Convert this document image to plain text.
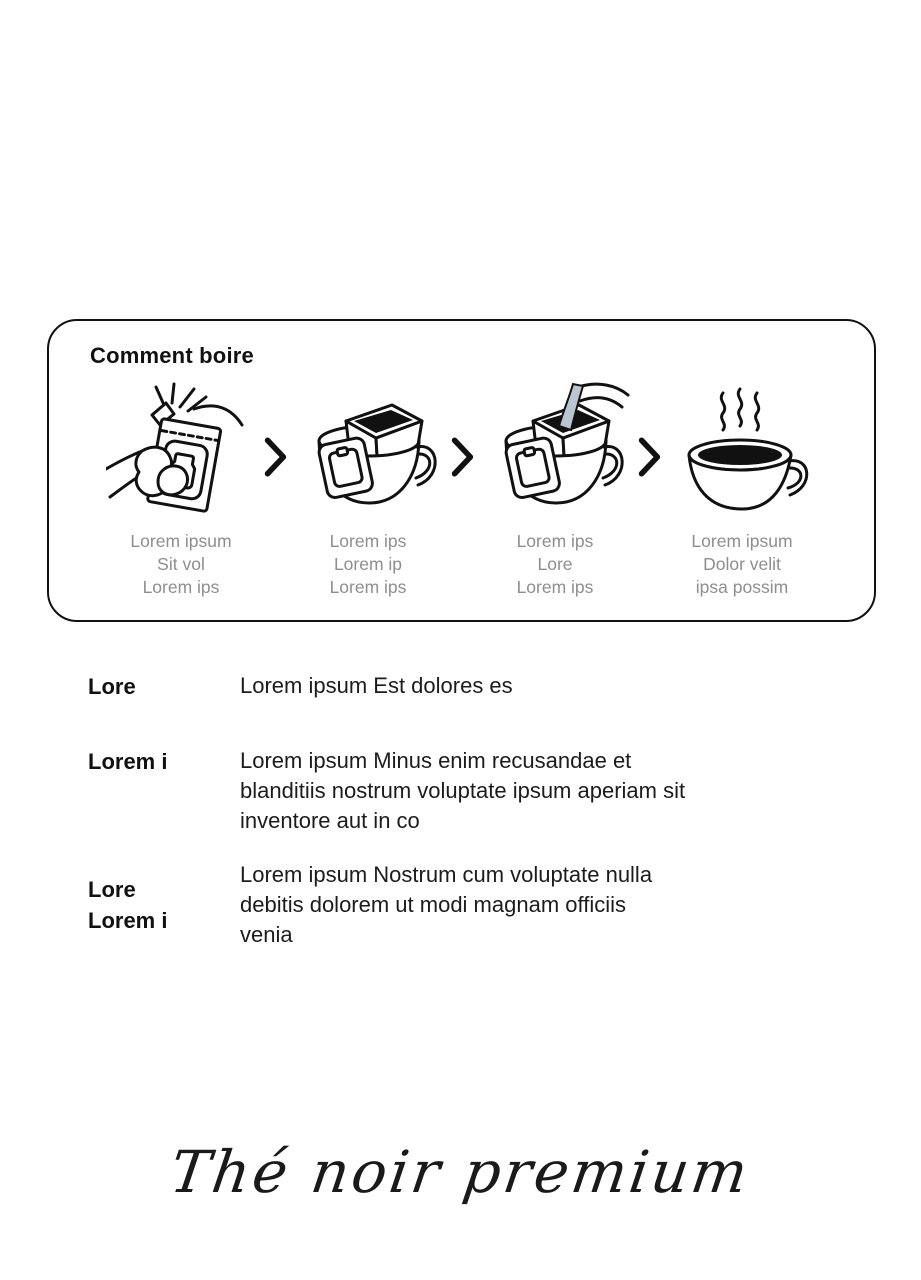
Comment boire
Lorem ipsum
Sit vol
Lorem ips
Lorem ips
Lorem ip
Lorem ips
Lorem ips
Lore
Lorem ips
Lorem ipsum
Dolor velit
ipsa possim
Lore	Lorem ipsum Est dolores es
Lorem i	Lorem ipsum Minus enim recusandae et
blanditiis nostrum voluptate ipsum aperiam sit
inventore aut in co
Lore
Lorem i
Lorem ipsum Nostrum cum voluptate nulla
debitis dolorem ut modi magnam officiis
venia
Thé noir premium
